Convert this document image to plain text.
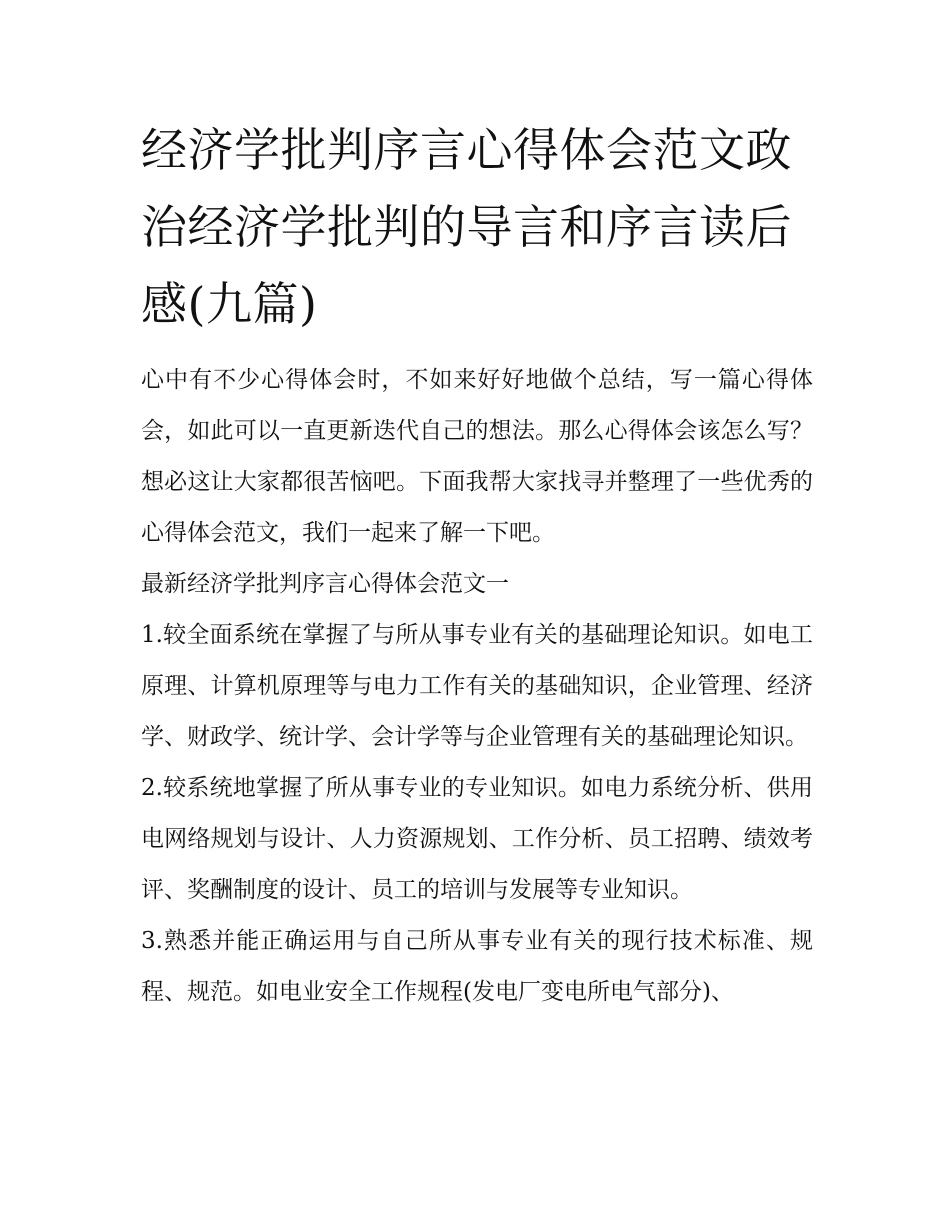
经济学批判序言心得体会范文政治经济学批判的导言和序言读后感(九篇)

心中有不少心得体会时，不如来好好地做个总结，写一篇心得体会，如此可以一直更新迭代自己的想法。那么心得体会该怎么写？想必这让大家都很苦恼吧。下面我帮大家找寻并整理了一些优秀的心得体会范文，我们一起来了解一下吧。

最新经济学批判序言心得体会范文一

1.较全面系统在掌握了与所从事专业有关的基础理论知识。如电工原理、计算机原理等与电力工作有关的基础知识，企业管理、经济学、财政学、统计学、会计学等与企业管理有关的基础理论知识。

2.较系统地掌握了所从事专业的专业知识。如电力系统分析、供用电网络规划与设计、人力资源规划、工作分析、员工招聘、绩效考评、奖酬制度的设计、员工的培训与发展等专业知识。

3.熟悉并能正确运用与自己所从事专业有关的现行技术标准、规程、规范。如电业安全工作规程(发电厂变电所电气部分)、
